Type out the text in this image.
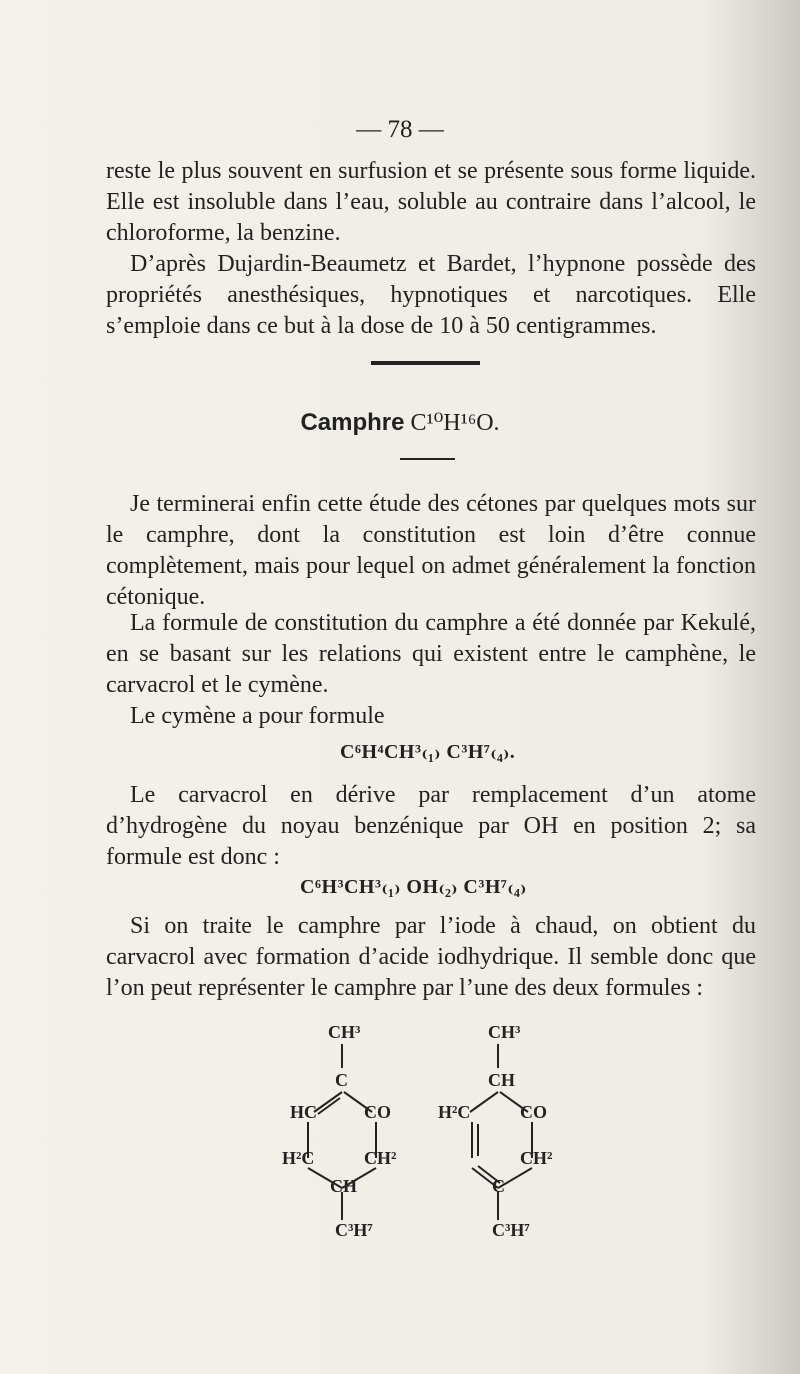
— 78 —

reste le plus souvent en surfusion et se présente sous forme liquide. Elle est insoluble dans l’eau, soluble au contraire dans l’alcool, le chloroforme, la benzine.

D’après Dujardin-Beaumetz et Bardet, l’hypnone possède des propriétés anesthésiques, hypnotiques et narcotiques. Elle s’emploie dans ce but à la dose de 10 à 50 centigrammes.

Camphre C¹⁰H¹⁶O.

Je terminerai enfin cette étude des cétones par quelques mots sur le camphre, dont la constitution est loin d’être connue complètement, mais pour lequel on admet généralement la fonction cétonique.

La formule de constitution du camphre a été donnée par Kekulé, en se basant sur les relations qui existent entre le camphène, le carvacrol et le cymène.

Le cymène a pour formule

C⁶H⁴CH³₍₁₎ C³H⁷₍₄₎.

Le carvacrol en dérive par remplacement d’un atome d’hydrogène du noyau benzénique par OH en position 2; sa formule est donc :

C⁶H³CH³₍₁₎ OH₍₂₎ C³H⁷₍₄₎

Si on traite le camphre par l’iode à chaud, on obtient du carvacrol avec formation d’acide iodhydrique. Il semble donc que l’on peut représenter le camphre par l’une des deux formules :

CH³
C
HC	CO
H²C	CH²
CH
C³H⁷
CH³
CH
H²C	CO
CH²
C
C³H⁷
